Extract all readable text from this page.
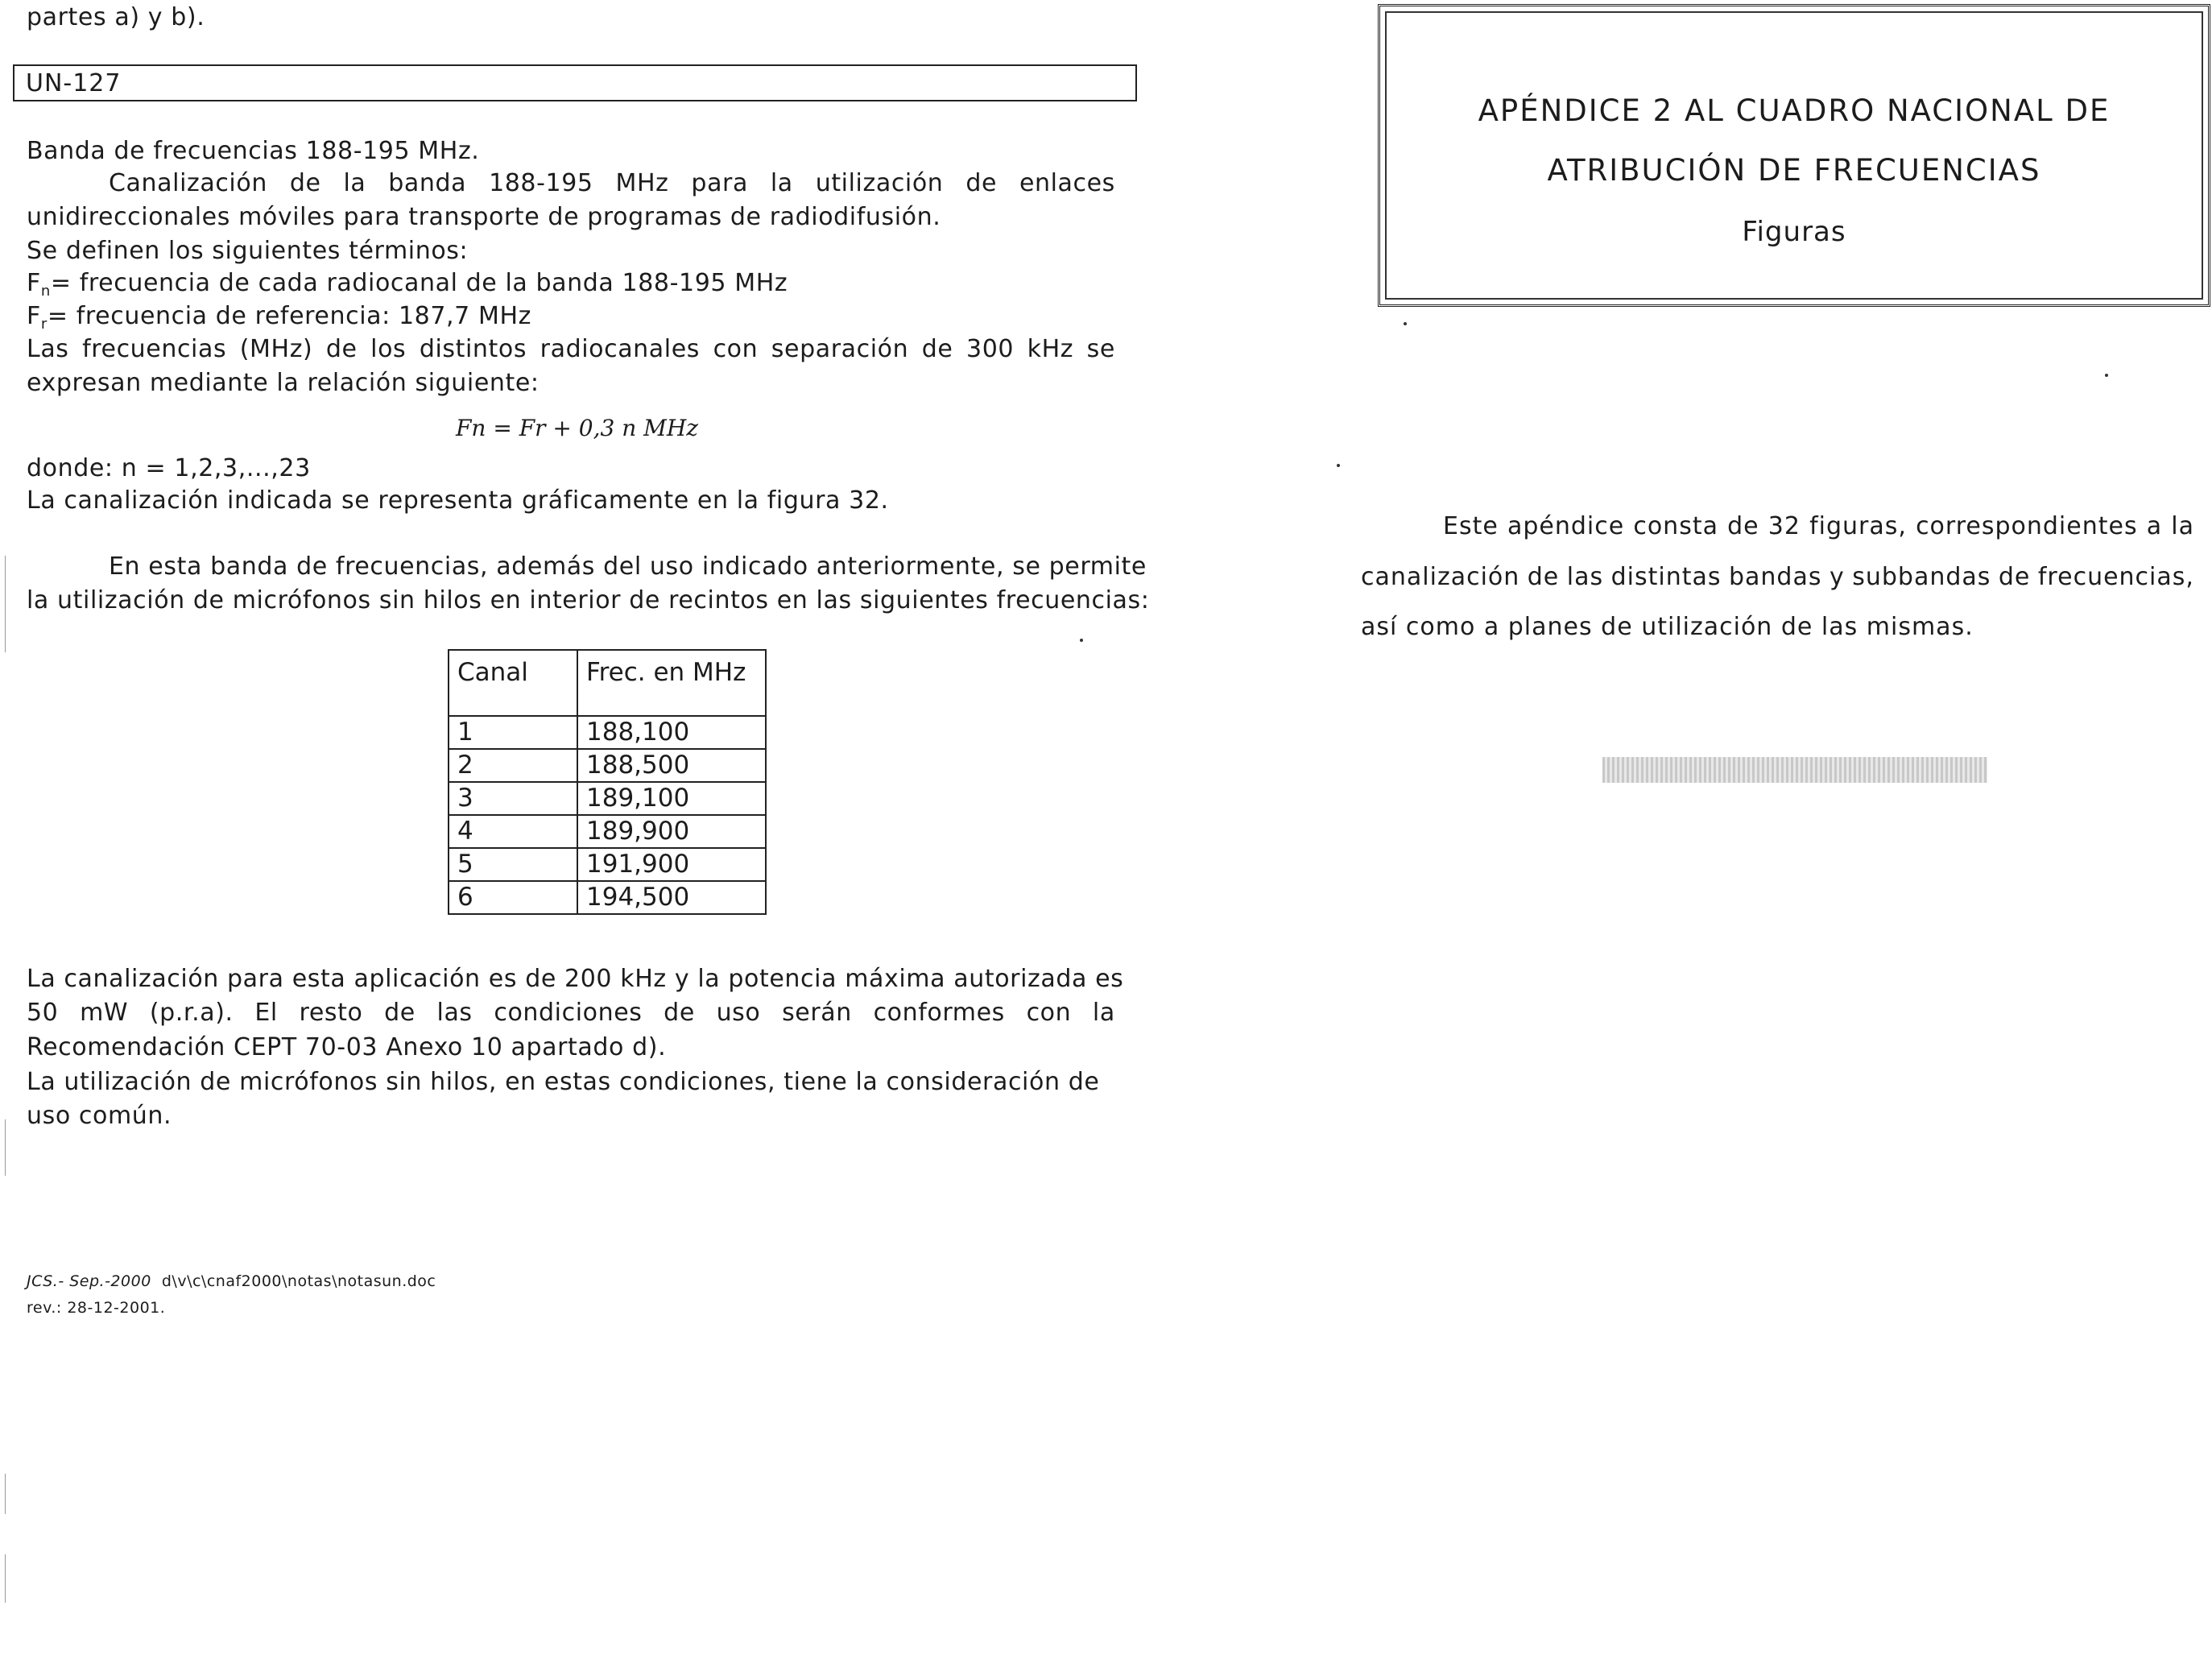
partes a) y b).
UN-127
Banda de frecuencias 188-195 MHz.
Canalización de la banda 188-195 MHz para la utilización de enlaces
unidireccionales móviles para transporte de programas de radiodifusión.
Se definen los siguientes términos:
$F_n=$ frecuencia de cada radiocanal de la banda 188-195 MHz
$F_r=$ frecuencia de referencia: 187,7 MHz
Las frecuencias (MHz) de los distintos radiocanales con separación de 300 kHz se
expresan mediante la relación siguiente:
Fn = Fr + 0,3 n MHz
donde: n = 1,2,3,...,23
La canalización indicada se representa gráficamente en la figura 32.
En esta banda de frecuencias, además del uso indicado anteriormente, se permite
la utilización de micrófonos sin hilos en interior de recintos en las siguientes frecuencias:
Canal	Frec. en MHz
1	188,100
2	188,500
3	189,100
4	189,900
5	191,900
6	194,500
La canalización para esta aplicación es de 200 kHz y la potencia máxima autorizada es
50 mW (p.r.a). El resto de las condiciones de uso serán conformes con la
Recomendación CEPT 70-03 Anexo 10 apartado d).
La utilización de micrófonos sin hilos, en estas condiciones, tiene la consideración de
uso común.
JCS.- Sep.-2000 d\v\c\cnaf2000\notas\notasun.doc
rev.: 28-12-2001.
APÉNDICE 2 AL CUADRO NACIONAL DE
ATRIBUCIÓN DE FRECUENCIAS
Figuras
Este apéndice consta de 32 figuras, correspondientes a la
canalización de las distintas bandas y subbandas de frecuencias,
así como a planes de utilización de las mismas.
